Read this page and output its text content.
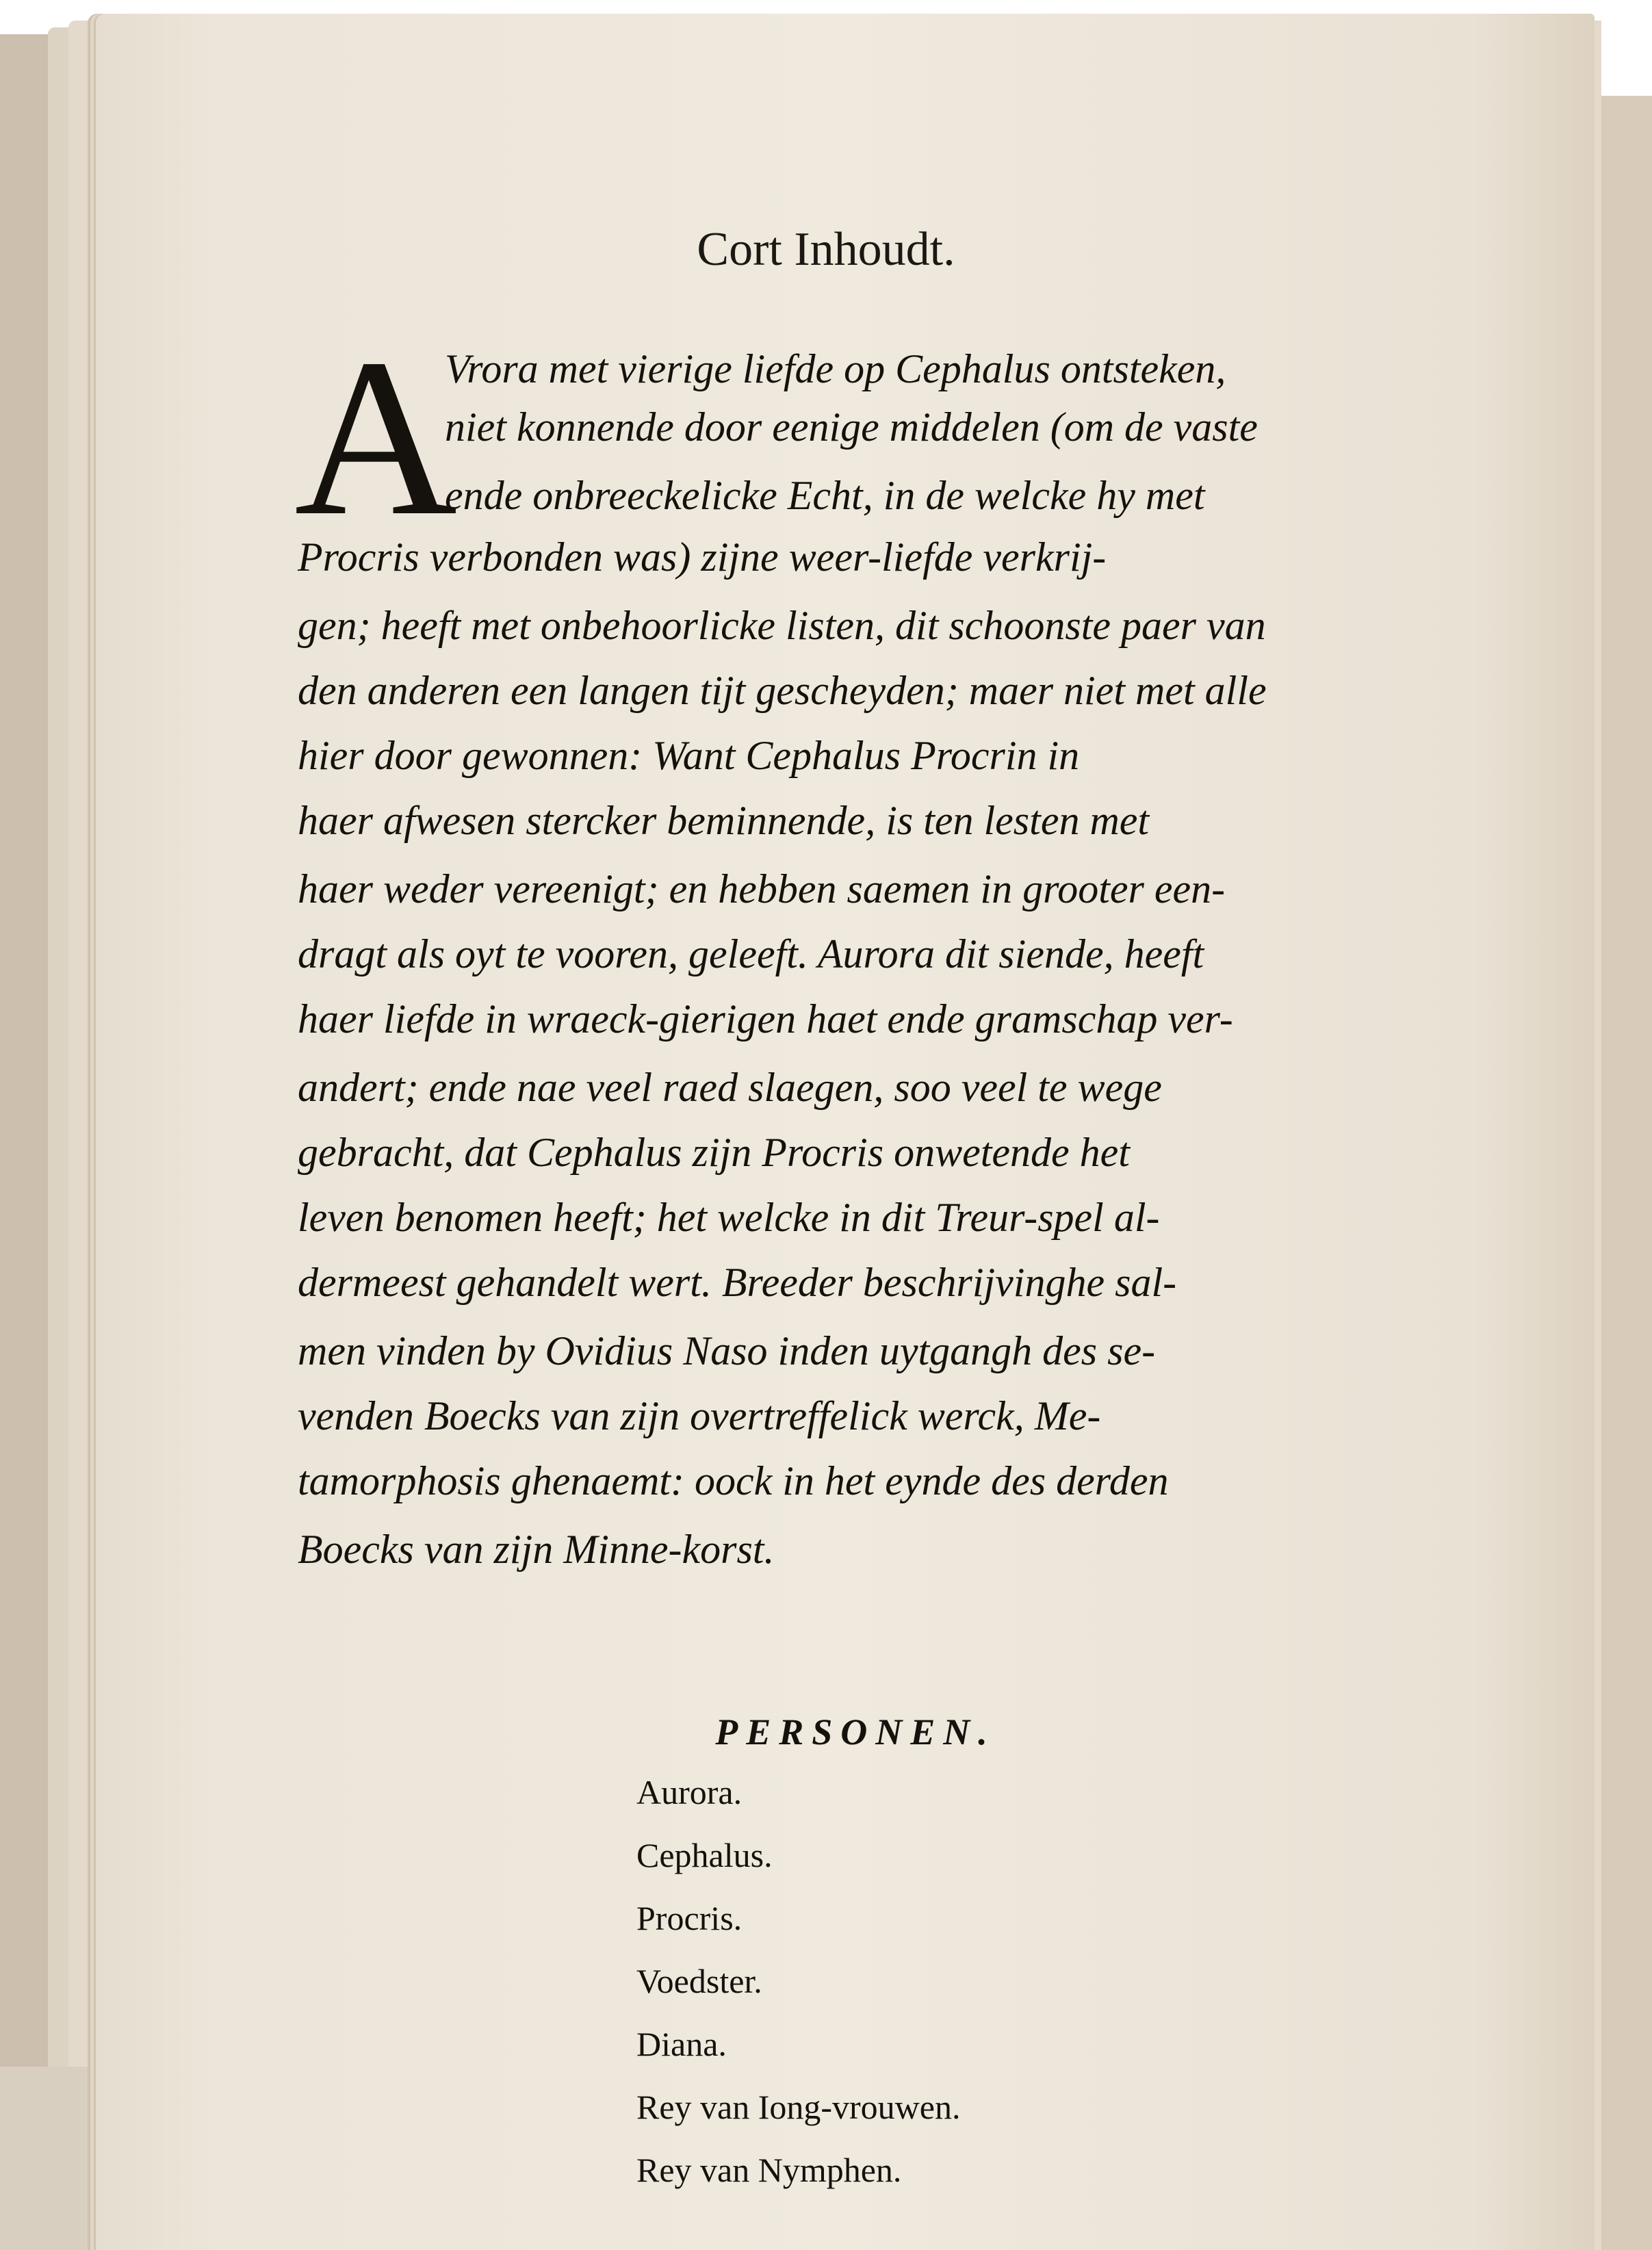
Cort Inhoudt.
A
Vrora met vierige liefde op Cephalus ontsteken,
niet konnende door eenige middelen (om de vaste
ende onbreeckelicke Echt, in de welcke hy met
Procris verbonden was) zijne weer-liefde verkrij-
gen; heeft met onbehoorlicke listen, dit schoonste paer van
den anderen een langen tijt gescheyden; maer niet met alle
hier door gewonnen: Want Cephalus Procrin in
haer afwesen stercker beminnende, is ten lesten met
haer weder vereenigt; en hebben saemen in grooter een-
dragt als oyt te vooren, geleeft. Aurora dit siende, heeft
haer liefde in wraeck-gierigen haet ende gramschap ver-
andert; ende nae veel raed slaegen, soo veel te wege
gebracht, dat Cephalus zijn Procris onwetende het
leven benomen heeft; het welcke in dit Treur-spel al-
dermeest gehandelt wert. Breeder beschrijvinghe sal-
men vinden by Ovidius Naso inden uytgangh des se-
venden Boecks van zijn overtreffelick werck, Me-
tamorphosis ghenaemt: oock in het eynde des derden
Boecks van zijn Minne-korst.
PERSONEN.
Aurora.
Cephalus.
Procris.
Voedster.
Diana.
Rey van Iong-vrouwen.
Rey van Nymphen.
